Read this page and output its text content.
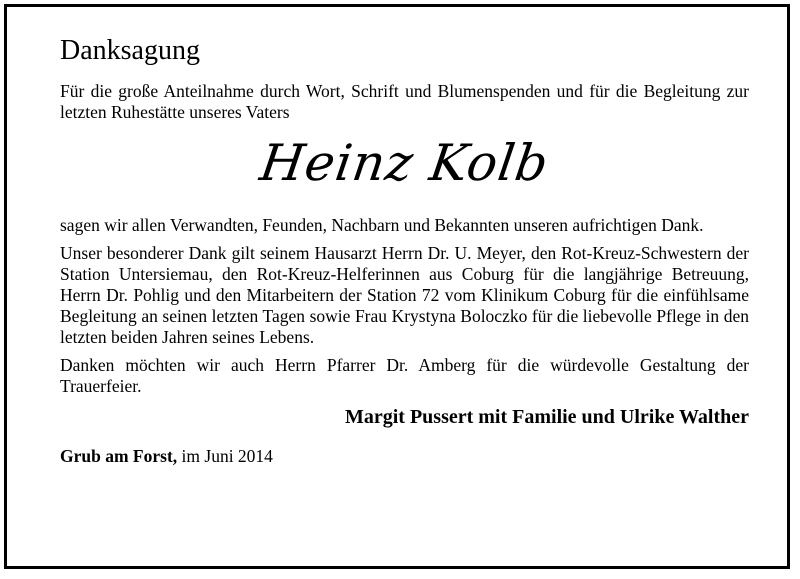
Danksagung

Für die große Anteilnahme durch Wort, Schrift und Blumenspenden und für die Begleitung zur letzten Ruhestätte unseres Vaters

Heinz Kolb

sagen wir allen Verwandten, Feunden, Nachbarn und Bekannten unseren aufrichtigen Dank.

Unser besonderer Dank gilt seinem Hausarzt Herrn Dr. U. Meyer, den Rot-Kreuz-Schwestern der Station Untersiemau, den Rot-Kreuz-Helferinnen aus Coburg für die langjährige Betreuung, Herrn Dr. Pohlig und den Mitarbeitern der Station 72 vom Klinikum Coburg für die einfühlsame Begleitung an seinen letzten Tagen sowie Frau Krystyna Boloczko für die liebevolle Pflege in den letzten beiden Jahren seines Lebens.

Danken möchten wir auch Herrn Pfarrer Dr. Amberg für die würdevolle Gestaltung der Trauerfeier.

Margit Pussert mit Familie und Ulrike Walther
Grub am Forst, im Juni 2014
